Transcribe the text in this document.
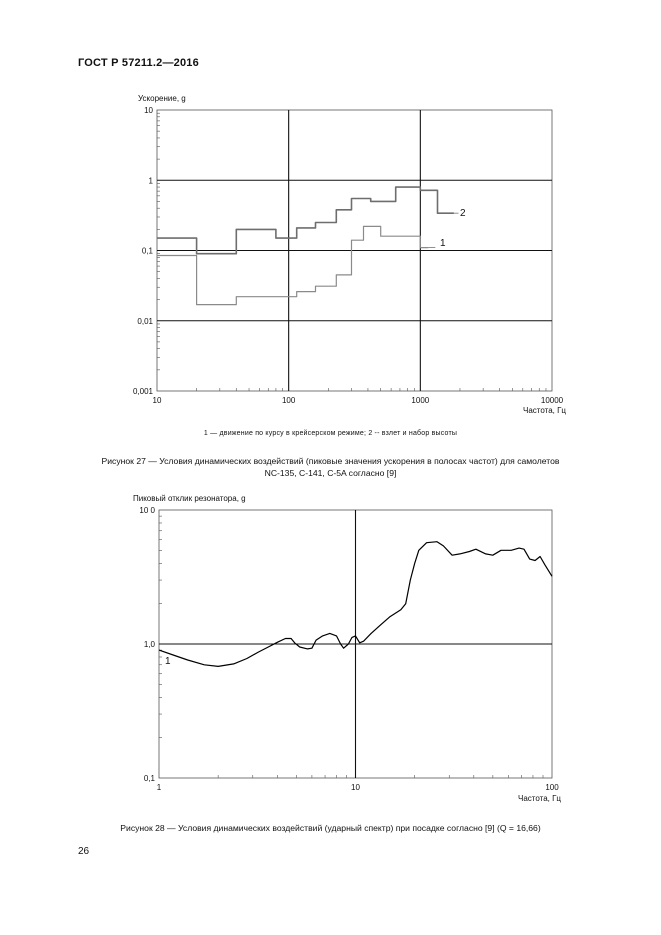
ГОСТ Р 57211.2—2016
10	100	1000	10000
0,001
0,01
0,1
1
10
Ускорение, g
Частота, Гц
1
2
1	10	100
0,1
1,0
10 0
Пиковый отклик резонатора, g
Частота, Гц
1
1 — движение по курсу в крейсерском режиме; 2 -- взлет и набор высоты
Рисунок 27 — Условия динамических воздействий (пиковые значения ускорения в полосах частот) для самолетов
NC-135, C-141, C-5A согласно [9]
Рисунок 28 — Условия динамических воздействий (ударный спектр) при посадке согласно [9] (Q = 16,66)
26
